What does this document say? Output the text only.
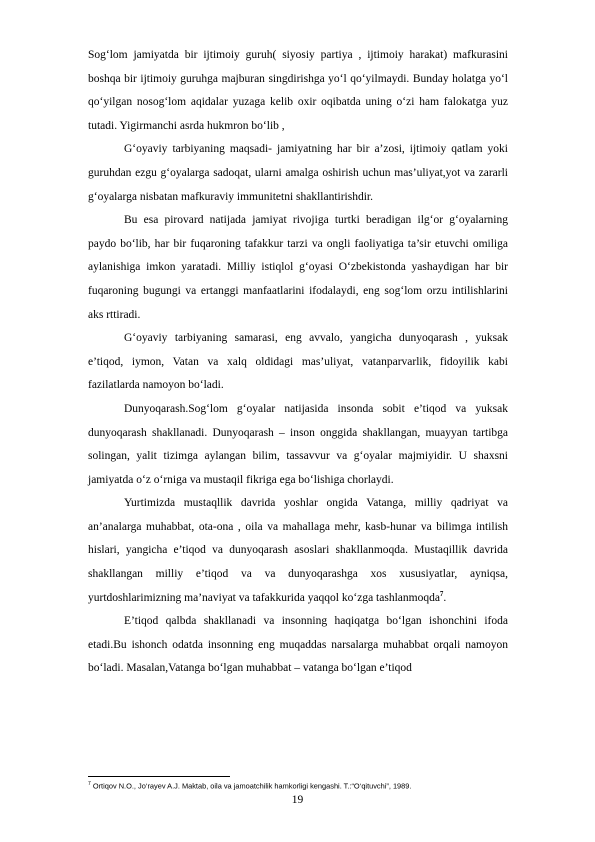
Sog‘lom jamiyatda bir ijtimoiy guruh( siyosiy partiya , ijtimoiy harakat) mafkurasini boshqa bir ijtimoiy guruhga majburan singdirishga yo‘l qo‘yilmaydi. Bunday holatga yo‘l qo‘yilgan nosog‘lom aqidalar yuzaga kelib oxir oqibatda uning o‘zi ham falokatga yuz tutadi. Yigirmanchi asrda hukmron bo‘lib ,

G‘oyaviy tarbiyaning maqsadi- jamiyatning har bir a’zosi, ijtimoiy qatlam yoki guruhdan ezgu g‘oyalarga sadoqat, ularni amalga oshirish uchun mas’uliyat,yot va zararli g‘oyalarga nisbatan mafkuraviy immunitetni shakllantirishdir.

Bu esa pirovard natijada jamiyat rivojiga turtki beradigan ilg‘or g‘oyalarning paydo bo‘lib, har bir fuqaroning tafakkur tarzi va ongli faoliyatiga ta’sir etuvchi omiliga aylanishiga imkon yaratadi. Milliy istiqlol g‘oyasi O‘zbekistonda yashaydigan har bir fuqaroning bugungi va ertanggi manfaatlarini ifodalaydi, eng sog‘lom orzu intilishlarini aks rttiradi.

G‘oyaviy tarbiyaning samarasi, eng avvalo, yangicha dunyoqarash , yuksak e’tiqod, iymon, Vatan va xalq oldidagi mas’uliyat, vatanparvarlik, fidoyilik kabi fazilatlarda namoyon bo‘ladi.

Dunyoqarash.Sog‘lom g‘oyalar natijasida insonda sobit e’tiqod va yuksak dunyoqarash shakllanadi. Dunyoqarash – inson onggida shakllangan, muayyan tartibga solingan, yalit tizimga aylangan bilim, tassavvur va g‘oyalar majmiyidir. U shaxsni jamiyatda o‘z o‘rniga va mustaqil fikriga ega bo‘lishiga chorlaydi.

Yurtimizda mustaqllik davrida yoshlar ongida Vatanga, milliy qadriyat va an’analarga muhabbat, ota-ona , oila va mahallaga mehr, kasb-hunar va bilimga intilish hislari, yangicha e’tiqod va dunyoqarash asoslari shakllanmoqda. Mustaqillik davrida shakllangan milliy e’tiqod va va dunyoqarashga xos xususiyatlar, ayniqsa, yurtdoshlarimizning ma’naviyat va tafakkurida yaqqol ko‘zga tashlanmoqda$^7$.

E’tiqod qalbda shakllanadi va insonning haqiqatga bo‘lgan ishonchini ifoda etadi.Bu ishonch odatda insonning eng muqaddas narsalarga muhabbat orqali namoyon bo‘ladi. Masalan,Vatanga bo‘lgan muhabbat – vatanga bo‘lgan e’tiqod

$^7$ Ortiqov N.O., Jo‘rayev A.J. Maktab, oila va jamoatchilik hamkorligi kengashi. T.:“O‘qituvchi”, 1989.
19
